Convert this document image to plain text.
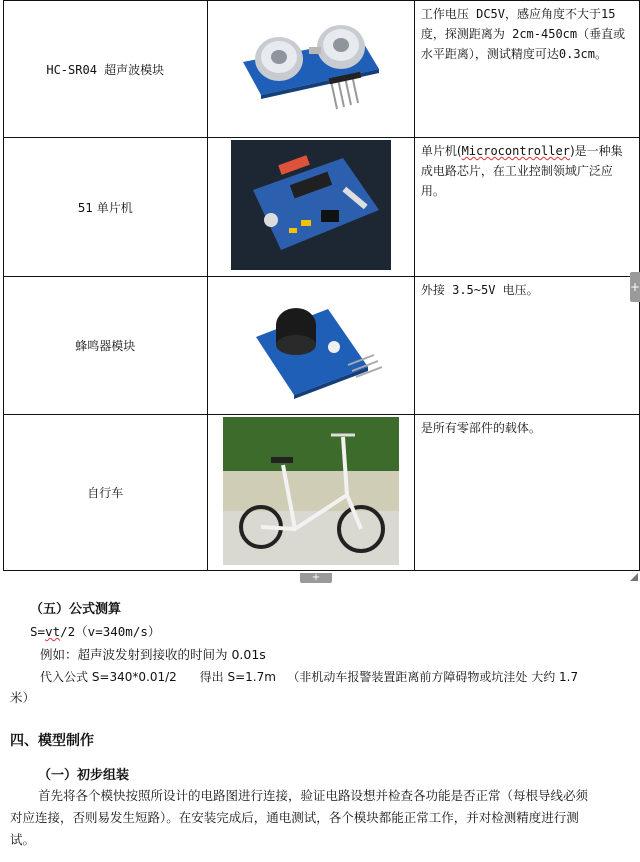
HC-SR04 超声波模块		工作电压 DC5V，感应角度不大于15 度，探测距离为 2cm-450cm（垂直或水平距离），测试精度可达0.3cm。
51 单片机		单片机(Microcontroller)是一种集成电路芯片，在工业控制领域广泛应用。
蜂鸣器模块		外接 3.5~5V 电压。
自行车		是所有零部件的载体。
+
+
（五）公式测算
S=vt/2（v=340m/s）
例如：超声波发射到接收的时间为 0.01s
代入公式 S=340*0.01/2      得出 S=1.7m   （非机动车报警装置距离前方障碍物或坑洼处 大约 1.7
米）
四、模型制作
（一）初步组装
首先将各个模快按照所设计的电路图进行连接，验证电路设想并检查各功能是否正常（每根导线必须
对应连接，否则易发生短路）。在安装完成后，通电测试，各个模块都能正常工作，并对检测精度进行测
试。
